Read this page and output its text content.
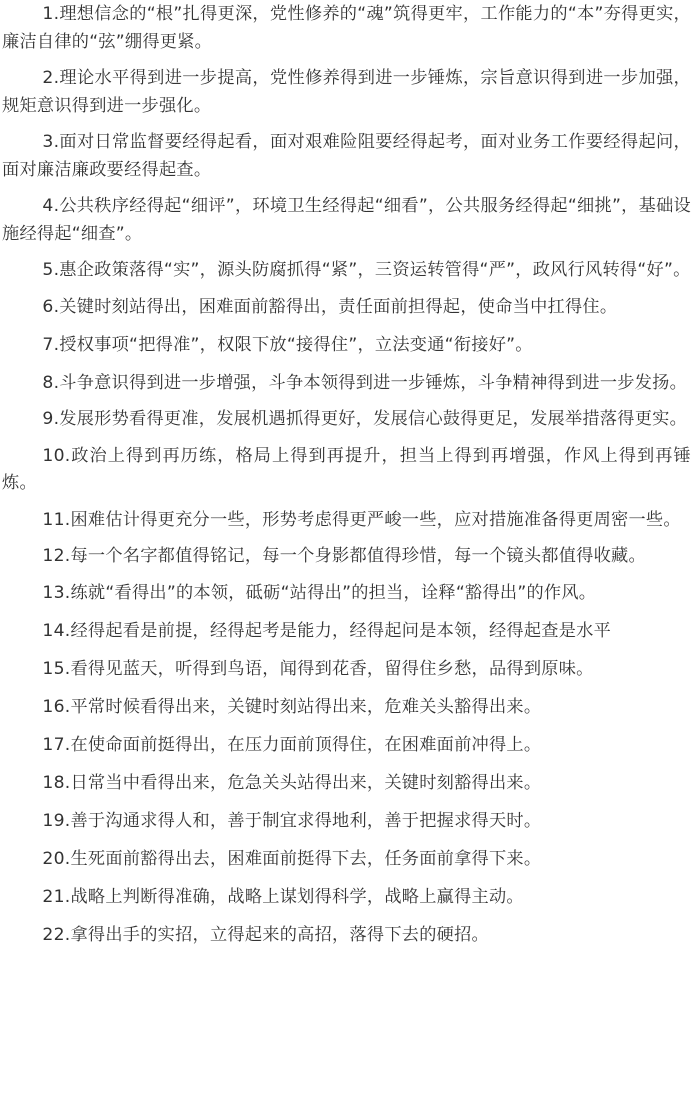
1.理想信念的“根”扎得更深，党性修养的“魂”筑得更牢，工作能力的“本”夯得更实，廉洁自律的“弦”绷得更紧。

2.理论水平得到进一步提高，党性修养得到进一步锤炼，宗旨意识得到进一步加强，规矩意识得到进一步强化。

3.面对日常监督要经得起看，面对艰难险阻要经得起考，面对业务工作要经得起问，面对廉洁廉政要经得起查。

4.公共秩序经得起“细评”，环境卫生经得起“细看”，公共服务经得起“细挑”，基础设施经得起“细查”。

5.惠企政策落得“实”，源头防腐抓得“紧”，三资运转管得“严”，政风行风转得“好”。

6.关键时刻站得出，困难面前豁得出，责任面前担得起，使命当中扛得住。

7.授权事项“把得准”，权限下放“接得住”，立法变通“衔接好”。

8.斗争意识得到进一步增强，斗争本领得到进一步锤炼，斗争精神得到进一步发扬。

9.发展形势看得更准，发展机遇抓得更好，发展信心鼓得更足，发展举措落得更实。

10.政治上得到再历练，格局上得到再提升，担当上得到再增强，作风上得到再锤炼。

11.困难估计得更充分一些，形势考虑得更严峻一些，应对措施准备得更周密一些。

12.每一个名字都值得铭记，每一个身影都值得珍惜，每一个镜头都值得收藏。

13.练就“看得出”的本领，砥砺“站得出”的担当，诠释“豁得出”的作风。

14.经得起看是前提，经得起考是能力，经得起问是本领，经得起查是水平

15.看得见蓝天，听得到鸟语，闻得到花香，留得住乡愁，品得到原味。

16.平常时候看得出来，关键时刻站得出来，危难关头豁得出来。

17.在使命面前挺得出，在压力面前顶得住，在困难面前冲得上。

18.日常当中看得出来，危急关头站得出来，关键时刻豁得出来。

19.善于沟通求得人和，善于制宜求得地利，善于把握求得天时。

20.生死面前豁得出去，困难面前挺得下去，任务面前拿得下来。

21.战略上判断得准确，战略上谋划得科学，战略上赢得主动。

22.拿得出手的实招，立得起来的高招，落得下去的硬招。
